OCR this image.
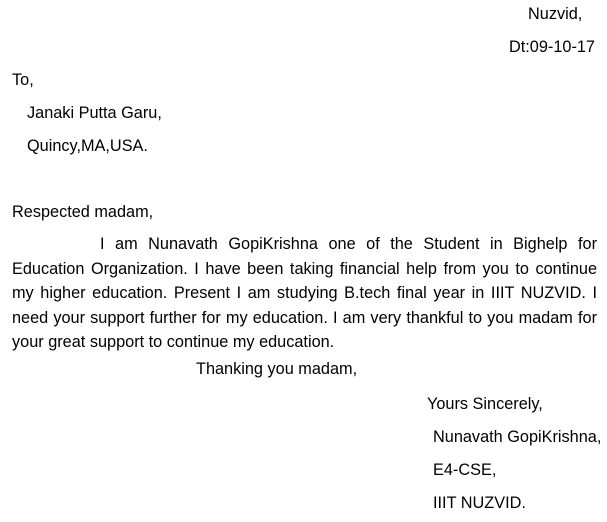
Nuzvid,
Dt:09-10-17
To,
Janaki Putta Garu,
Quincy,MA,USA.
Respected madam,
I am Nunavath GopiKrishna one of the Student in Bighelp for Education Organization. I have been taking financial help from you to continue my higher education. Present I am studying B.tech final year in IIIT NUZVID. I need your support further for my education. I am very thankful to you madam for your great support to continue my education.
Thanking you madam,
Yours Sincerely,
Nunavath GopiKrishna,
E4-CSE,
IIIT NUZVID.
